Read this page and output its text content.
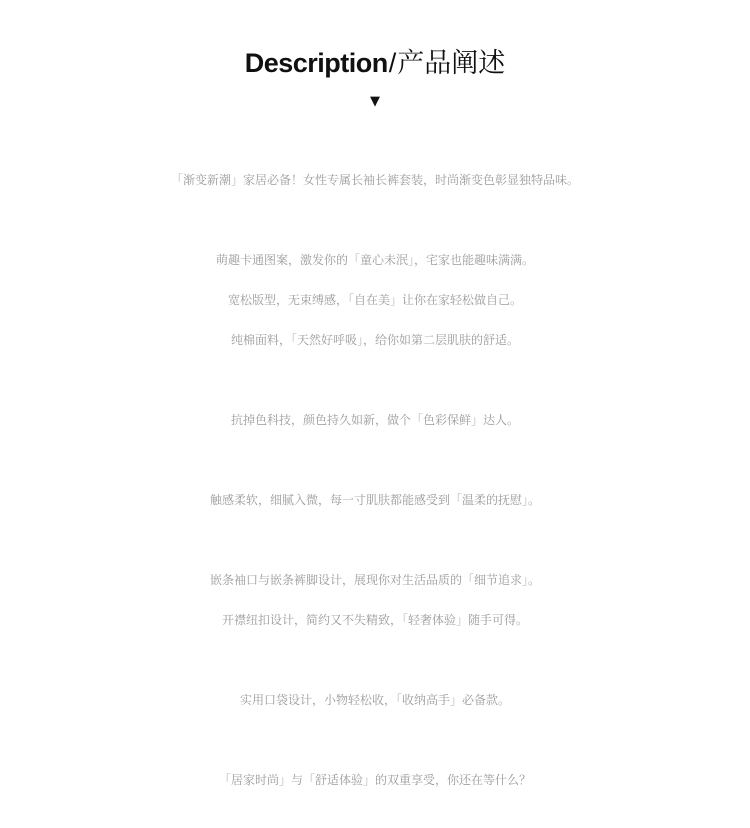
Description/产品阐述
▼

「渐变新潮」家居必备！女性专属长袖长裤套装，时尚渐变色彰显独特品味。

萌趣卡通图案，激发你的「童心未泯」，宅家也能趣味满满。

宽松版型，无束缚感，「自在美」让你在家轻松做自己。

纯棉面料，「天然好呼吸」，给你如第二层肌肤的舒适。

抗掉色科技，颜色持久如新，做个「色彩保鲜」达人。

触感柔软，细腻入微，每一寸肌肤都能感受到「温柔的抚慰」。

嵌条袖口与嵌条裤脚设计，展现你对生活品质的「细节追求」。

开襟纽扣设计，简约又不失精致，「轻奢体验」随手可得。

实用口袋设计，小物轻松收，「收纳高手」必备款。

「居家时尚」与「舒适体验」的双重享受，你还在等什么？
